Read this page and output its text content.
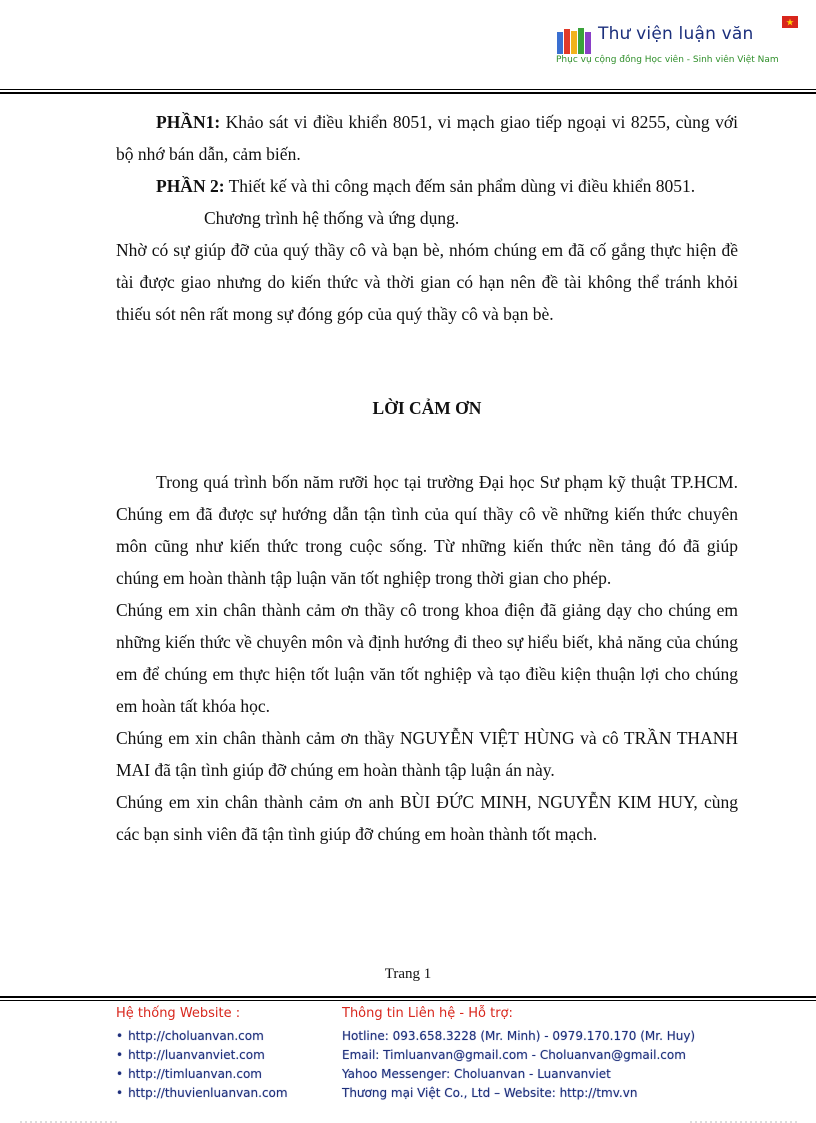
Thư viện luận văn
Phục vụ cộng đồng Học viên - Sinh viên Việt Nam

PHẦN1: Khảo sát vi điều khiển 8051, vi mạch giao tiếp ngoại vi 8255, cùng với bộ nhớ bán dẫn, cảm biến.

PHẦN 2: Thiết kế và thi công mạch đếm sản phẩm dùng vi điều khiển 8051.

Chương trình hệ thống và ứng dụng.

Nhờ có sự giúp đỡ của quý thầy cô và bạn bè, nhóm chúng em đã cố gắng thực hiện đề tài được giao nhưng do kiến thức và thời gian có hạn nên đề tài không thể tránh khỏi thiếu sót nên rất mong sự đóng góp của quý thầy cô và bạn bè.

LỜI CẢM ƠN

Trong quá trình bốn năm rưỡi học tại trường Đại học Sư phạm kỹ thuật TP.HCM. Chúng em đã được sự hướng dẫn tận tình của quí thầy cô về những kiến thức chuyên môn cũng như kiến thức trong cuộc sống. Từ những kiến thức nền tảng đó đã giúp chúng em hoàn thành tập luận văn tốt nghiệp trong thời gian cho phép.

Chúng em xin chân thành cảm ơn thầy cô trong khoa điện đã giảng dạy cho chúng em những kiến thức về chuyên môn và định hướng đi theo sự hiểu biết, khả năng của chúng em để chúng em thực hiện tốt luận văn tốt nghiệp và tạo điều kiện thuận lợi cho chúng em hoàn tất khóa học.

Chúng em xin chân thành cảm ơn thầy NGUYỄN VIỆT HÙNG và cô TRẦN THANH MAI đã tận tình giúp đỡ chúng em hoàn thành tập luận án này.

Chúng em xin chân thành cảm ơn anh BÙI ĐỨC MINH, NGUYỄN KIM HUY, cùng các bạn sinh viên đã tận tình giúp đỡ chúng em hoàn thành tốt mạch.

Trang 1
Hệ thống Website :
• http://choluanvan.com
• http://luanvanviet.com
• http://timluanvan.com
• http://thuvienluanvan.com
Thông tin Liên hệ - Hỗ trợ:
Hotline: 093.658.3228 (Mr. Minh) - 0979.170.170 (Mr. Huy)
Email: Timluanvan@gmail.com - Choluanvan@gmail.com
Yahoo Messenger: Choluanvan - Luanvanviet
Thương mại Việt Co., Ltd – Website: http://tmv.vn
